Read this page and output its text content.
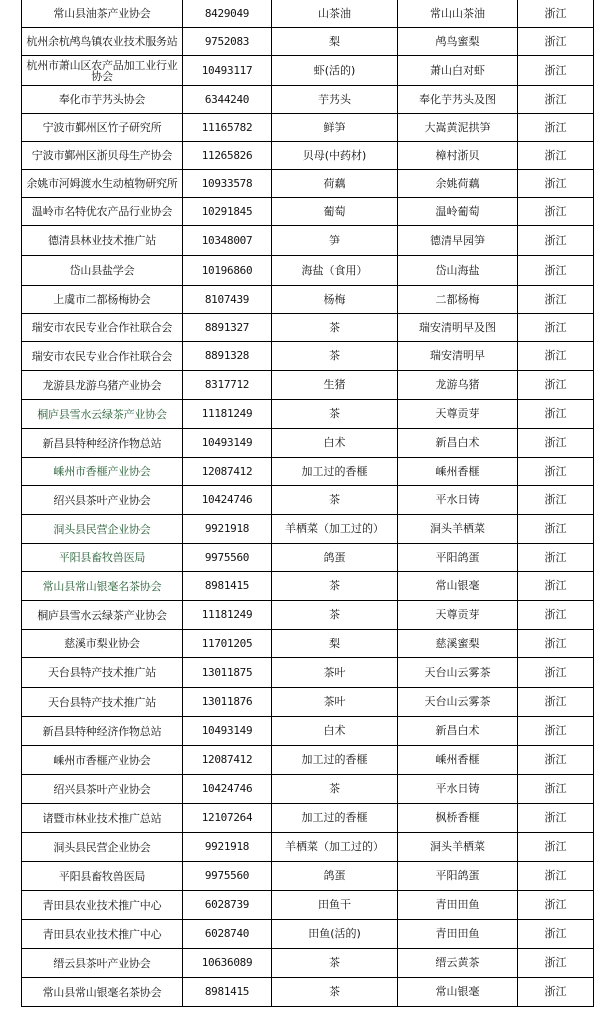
常山县油茶产业协会	8429049	山茶油	常山山茶油	浙江
杭州余杭鸬鸟镇农业技术服务站	9752083	梨	鸬鸟蜜梨	浙江
杭州市萧山区农产品加工业行业协会	10493117	虾(活的)	萧山白对虾	浙江
奉化市芋艿头协会	6344240	芋艿头	奉化芋艿头及图	浙江
宁波市鄞州区竹子研究所	11165782	鲜笋	大嵩黄泥拱笋	浙江
宁波市鄞州区浙贝母生产协会	11265826	贝母(中药材)	樟村浙贝	浙江
余姚市河姆渡水生动植物研究所	10933578	荷藕	余姚荷藕	浙江
温岭市名特优农产品行业协会	10291845	葡萄	温岭葡萄	浙江
德清县林业技术推广站	10348007	笋	德清早园笋	浙江
岱山县盐学会	10196860	海盐（食用）	岱山海盐	浙江
上虞市二都杨梅协会	8107439	杨梅	二都杨梅	浙江
瑞安市农民专业合作社联合会	8891327	茶	瑞安清明早及图	浙江
瑞安市农民专业合作社联合会	8891328	茶	瑞安清明早	浙江
龙游县龙游乌猪产业协会	8317712	生猪	龙游乌猪	浙江
桐庐县雪水云绿茶产业协会	11181249	茶	天尊贡芽	浙江
新昌县特种经济作物总站	10493149	白术	新昌白术	浙江
嵊州市香榧产业协会	12087412	加工过的香榧	嵊州香榧	浙江
绍兴县茶叶产业协会	10424746	茶	平水日铸	浙江
洞头县民营企业协会	9921918	羊栖菜（加工过的）	洞头羊栖菜	浙江
平阳县畜牧兽医局	9975560	鸽蛋	平阳鸽蛋	浙江
常山县常山银毫名茶协会	8981415	茶	常山银毫	浙江
桐庐县雪水云绿茶产业协会	11181249	茶	天尊贡芽	浙江
慈溪市梨业协会	11701205	梨	慈溪蜜梨	浙江
天台县特产技术推广站	13011875	茶叶	天台山云雾茶	浙江
天台县特产技术推广站	13011876	茶叶	天台山云雾茶	浙江
新昌县特种经济作物总站	10493149	白术	新昌白术	浙江
嵊州市香榧产业协会	12087412	加工过的香榧	嵊州香榧	浙江
绍兴县茶叶产业协会	10424746	茶	平水日铸	浙江
诸暨市林业技术推广总站	12107264	加工过的香榧	枫桥香榧	浙江
洞头县民营企业协会	9921918	羊栖菜（加工过的）	洞头羊栖菜	浙江
平阳县畜牧兽医局	9975560	鸽蛋	平阳鸽蛋	浙江
青田县农业技术推广中心	6028739	田鱼干	青田田鱼	浙江
青田县农业技术推广中心	6028740	田鱼(活的)	青田田鱼	浙江
缙云县茶叶产业协会	10636089	茶	缙云黄茶	浙江
常山县常山银毫名茶协会	8981415	茶	常山银毫	浙江
